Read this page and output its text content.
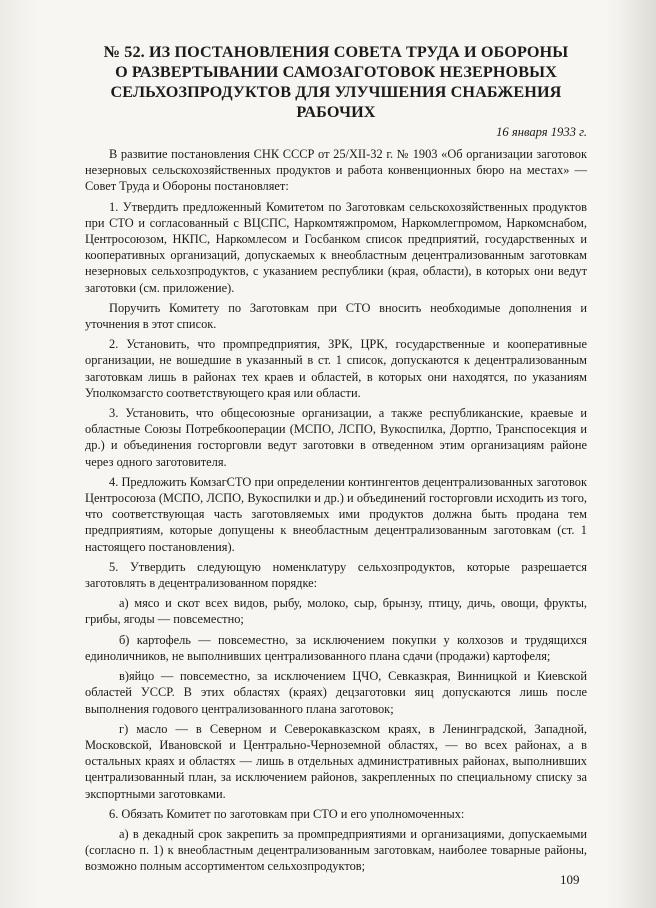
№ 52. ИЗ ПОСТАНОВЛЕНИЯ СОВЕТА ТРУДА И ОБОРОНЫ
О РАЗВЕРТЫВАНИИ САМОЗАГОТОВОК НЕЗЕРНОВЫХ
СЕЛЬХОЗПРОДУКТОВ ДЛЯ УЛУЧШЕНИЯ СНАБЖЕНИЯ РАБОЧИХ
16 января 1933 г.

В развитие постановления СНК СССР от 25/XII-32 г. № 1903 «Об организации заготовок незерновых сельскохозяйственных продуктов и работа конвенционных бюро на местах» — Совет Труда и Обороны постановляет:

1. Утвердить предложенный Комитетом по Заготовкам сельскохозяйственных продуктов при СТО и согласованный с ВЦСПС, Наркомтяжпромом, Наркомлегпромом, Наркомснабом, Центросоюзом, НКПС, Наркомлесом и Госбанком список предприятий, государственных и кооперативных организаций, допускаемых к внеобластным децентрализованным заготовкам незерновых сельхозпродуктов, с указанием республики (края, области), в которых они ведут заготовки (см. приложение).

Поручить Комитету по Заготовкам при СТО вносить необходимые дополнения и уточнения в этот список.

2. Установить, что промпредприятия, ЗРК, ЦРК, государственные и кооперативные организации, не вошедшие в указанный в ст. 1 список, допускаются к децентрализованным заготовкам лишь в районах тех краев и областей, в которых они находятся, по указаниям Уполкомзагсто соответствующего края или области.

3. Установить, что общесоюзные организации, а также республиканские, краевые и областные Союзы Потребкооперации (МСПО, ЛСПО, Вукоспилка, Дортпо, Транспосекция и др.) и объединения госторговли ведут заготовки в отведенном этим организациям районе через одного заготовителя.

4. Предложить КомзагСТО при определении контингентов децентрализованных заготовок Центросоюза (МСПО, ЛСПО, Вукоспилки и др.) и объединений госторговли исходить из того, что соответствующая часть заготовляемых ими продуктов должна быть продана тем предприятиям, которые допущены к внеобластным децентрализованным заготовкам (ст. 1 настоящего постановления).

5. Утвердить следующую номенклатуру сельхозпродуктов, которые разрешается заготовлять в децентрализованном порядке:

а) мясо и скот всех видов, рыбу, молоко, сыр, брынзу, птицу, дичь, овощи, фрукты, грибы, ягоды — повсеместно;

б) картофель — повсеместно, за исключением покупки у колхозов и трудящихся единоличников, не выполнивших централизованного плана сдачи (продажи) картофеля;

в)яйцо — повсеместно, за исключением ЦЧО, Севказкрая, Винницкой и Киевской областей УССР. В этих областях (краях) децзаготовки яиц допускаются лишь после выполнения годового централизованного плана заготовок;

г) масло — в Северном и Северокавказском краях, в Ленинградской, Западной, Московской, Ивановской и Центрально-Черноземной областях, — во всех районах, а в остальных краях и областях — лишь в отдельных административных районах, выполнивших централизованный план, за исключением районов, закрепленных по специальному списку за экспортными заготовками.

6. Обязать Комитет по заготовкам при СТО и его уполномоченных:

а) в декадный срок закрепить за промпредприятиями и организациями, допускаемыми (согласно п. 1) к внеобластным децентрализованным заготовкам, наиболее товарные районы, возможно полным ассортиментом сельхозпродуктов;

109
